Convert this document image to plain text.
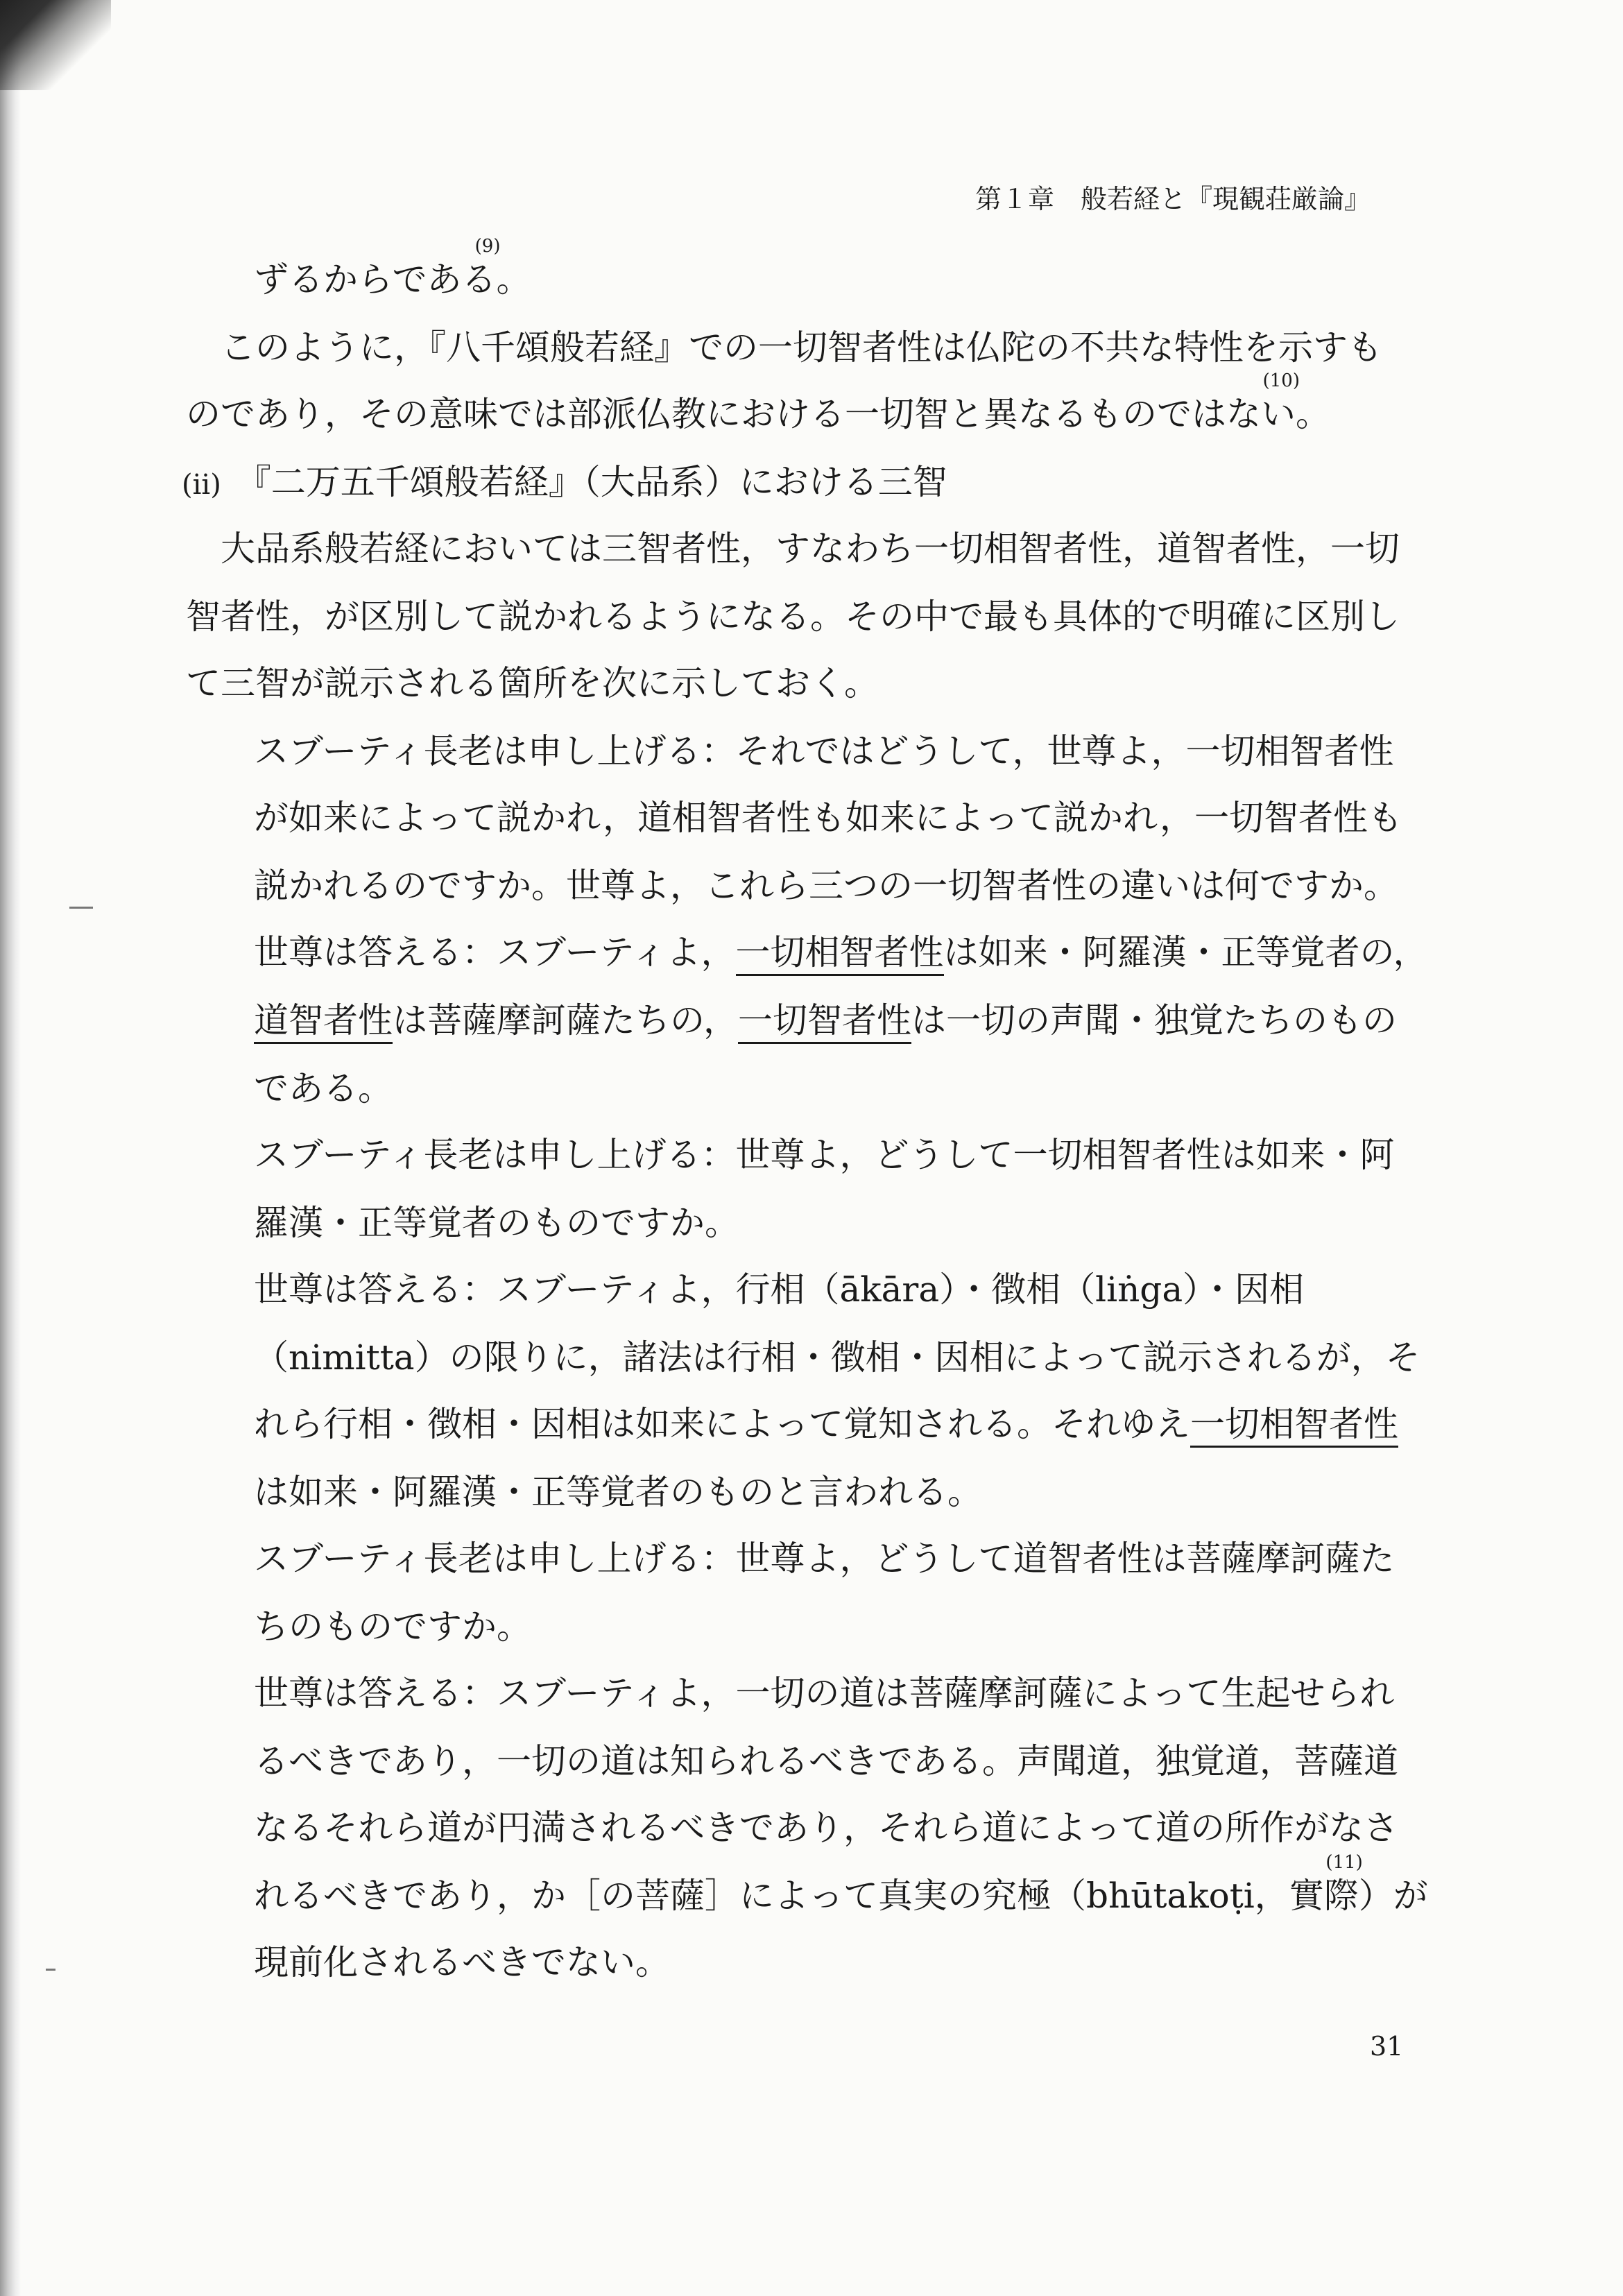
第１章　般若経と『現観荘厳論』
ずるからである
(9)
。
このように，『八千頌般若経』での一切智者性は仏陀の不共な特性を示すも
のであり，その意味では部派仏教における一切智と異なるものではない
(10)
。
(ii) 『二万五千頌般若経』（大品系）における三智
大品系般若経においては三智者性，すなわち一切相智者性，道智者性，一切
智者性，が区別して説かれるようになる。その中で最も具体的で明確に区別し
て三智が説示される箇所を次に示しておく。
スブーティ長老は申し上げる：それではどうして，世尊よ，一切相智者性
が如来によって説かれ，道相智者性も如来によって説かれ，一切智者性も
説かれるのですか。世尊よ，これら三つの一切智者性の違いは何ですか。
世尊は答える：スブーティよ，一切相智者性は如来・阿羅漢・正等覚者の，
道智者性は菩薩摩訶薩たちの，一切智者性は一切の声聞・独覚たちのもの
である。
スブーティ長老は申し上げる：世尊よ，どうして一切相智者性は如来・阿
羅漢・正等覚者のものですか。
世尊は答える：スブーティよ，行相（ākāra）・徴相（liṅga）・因相
（nimitta）の限りに，諸法は行相・徴相・因相によって説示されるが，そ
れら行相・徴相・因相は如来によって覚知される。それゆえ一切相智者性
は如来・阿羅漢・正等覚者のものと言われる。
スブーティ長老は申し上げる：世尊よ，どうして道智者性は菩薩摩訶薩た
ちのものですか。
世尊は答える：スブーティよ，一切の道は菩薩摩訶薩によって生起せられ
るべきであり，一切の道は知られるべきである。声聞道，独覚道，菩薩道
なるそれら道が円満されるべきであり，それら道によって道の所作がなさ
れるべきであり，か［の菩薩］によって真実の究極（bhūtakoṭi，實際
(11)
）が
現前化されるべきでない。
31
